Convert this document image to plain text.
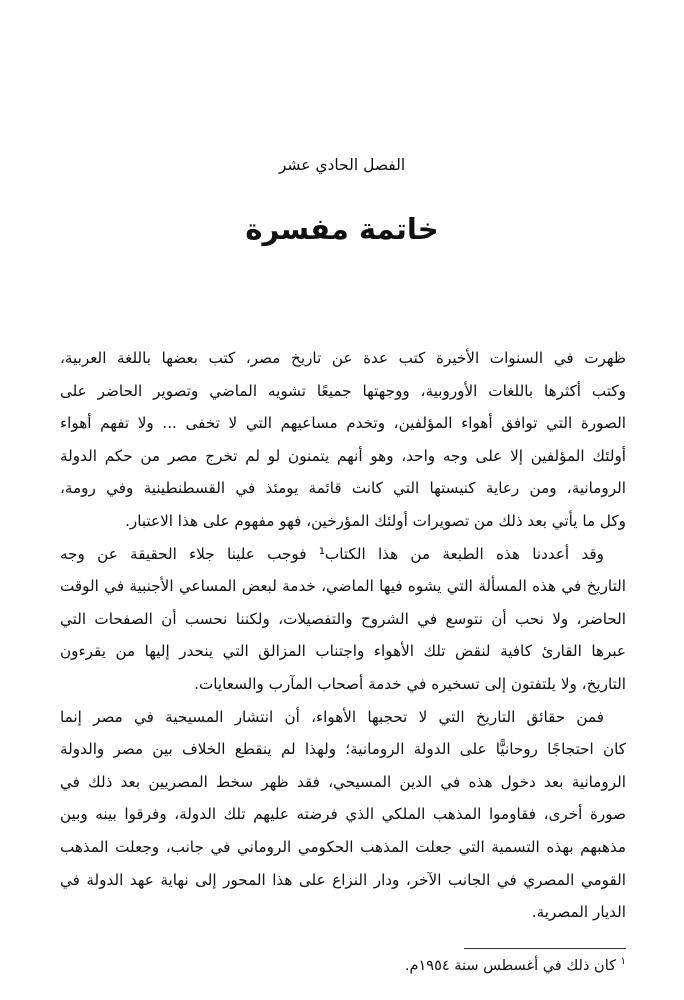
الفصل الحادي عشر
خاتمة مفسرة
ظهرت في السنوات الأخيرة كتب عدة عن تاريخ مصر، كتب بعضها باللغة العربية،
وكتب أكثرها باللغات الأوروبية، ووجهتها جميعًا تشويه الماضي وتصوير الحاضر على
الصورة التي توافق أهواء المؤلفين، وتخدم مساعيهم التي لا تخفى ... ولا تفهم أهواء
أولئك المؤلفين إلا على وجه واحد، وهو أنهم يتمنون لو لم تخرج مصر من حكم الدولة
الرومانية، ومن رعاية كنيستها التي كانت قائمة يومئذ في القسطنطينية وفي رومة،
وكل ما يأتي بعد ذلك من تصويرات أولئك المؤرخين، فهو مفهوم على هذا الاعتبار.
وقد أعددنا هذه الطبعة من هذا الكتاب¹ فوجب علينا جلاء الحقيقة عن وجه
التاريخ في هذه المسألة التي يشوه فيها الماضي، خدمة لبعض المساعي الأجنبية في الوقت
الحاضر، ولا نحب أن نتوسع في الشروح والتفصيلات، ولكننا نحسب أن الصفحات التي
عبرها القارئ كافية لنقض تلك الأهواء واجتناب المزالق التي ينحدر إليها من يقرءون
التاريخ، ولا يلتفتون إلى تسخيره في خدمة أصحاب المآرب والسعايات.
فمن حقائق التاريخ التي لا تحجبها الأهواء، أن انتشار المسيحية في مصر إنما
كان احتجاجًا روحانيًّا على الدولة الرومانية؛ ولهذا لم ينقطع الخلاف بين مصر والدولة
الرومانية بعد دخول هذه في الدين المسيحي، فقد ظهر سخط المصريين بعد ذلك في
صورة أخرى، فقاوموا المذهب الملكي الذي فرضته عليهم تلك الدولة، وفرقوا بينه وبين
مذهبهم بهذه التسمية التي جعلت المذهب الحكومي الروماني في جانب، وجعلت المذهب
القومي المصري في الجانب الآخر، ودار النزاع على هذا المحور إلى نهاية عهد الدولة في
الديار المصرية.
$^١$ كان ذلك في أغسطس سنة ١٩٥٤م.
